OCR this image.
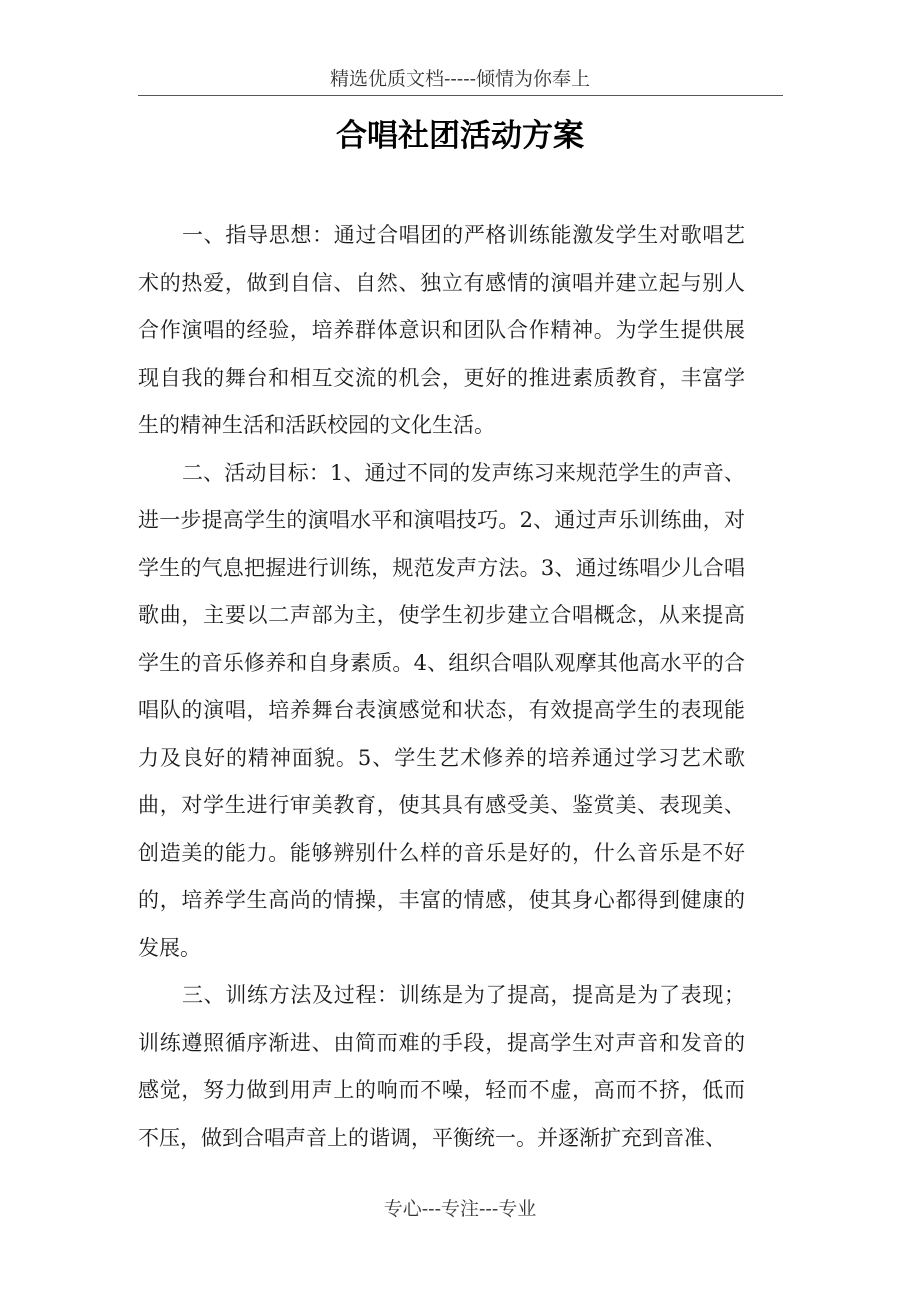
精选优质文档-----倾情为你奉上
合唱社团活动方案

一、指导思想：通过合唱团的严格训练能激发学生对歌唱艺术的热爱，做到自信、自然、独立有感情的演唱并建立起与别人合作演唱的经验，培养群体意识和团队合作精神。为学生提供展现自我的舞台和相互交流的机会，更好的推进素质教育，丰富学生的精神生活和活跃校园的文化生活。

二、活动目标：1、通过不同的发声练习来规范学生的声音、进一步提高学生的演唱水平和演唱技巧。2、通过声乐训练曲，对学生的气息把握进行训练，规范发声方法。3、通过练唱少儿合唱歌曲，主要以二声部为主，使学生初步建立合唱概念，从来提高学生的音乐修养和自身素质。4、组织合唱队观摩其他高水平的合唱队的演唱，培养舞台表演感觉和状态，有效提高学生的表现能力及良好的精神面貌。5、学生艺术修养的培养通过学习艺术歌曲，对学生进行审美教育，使其具有感受美、鉴赏美、表现美、创造美的能力。能够辨别什么样的音乐是好的，什么音乐是不好的，培养学生高尚的情操，丰富的情感，使其身心都得到健康的发展。

三、训练方法及过程：训练是为了提高，提高是为了表现；训练遵照循序渐进、由简而难的手段，提高学生对声音和发音的感觉，努力做到用声上的响而不噪，轻而不虚，高而不挤，低而不压，做到合唱声音上的谐调，平衡统一。并逐渐扩充到音准、

专心---专注---专业
